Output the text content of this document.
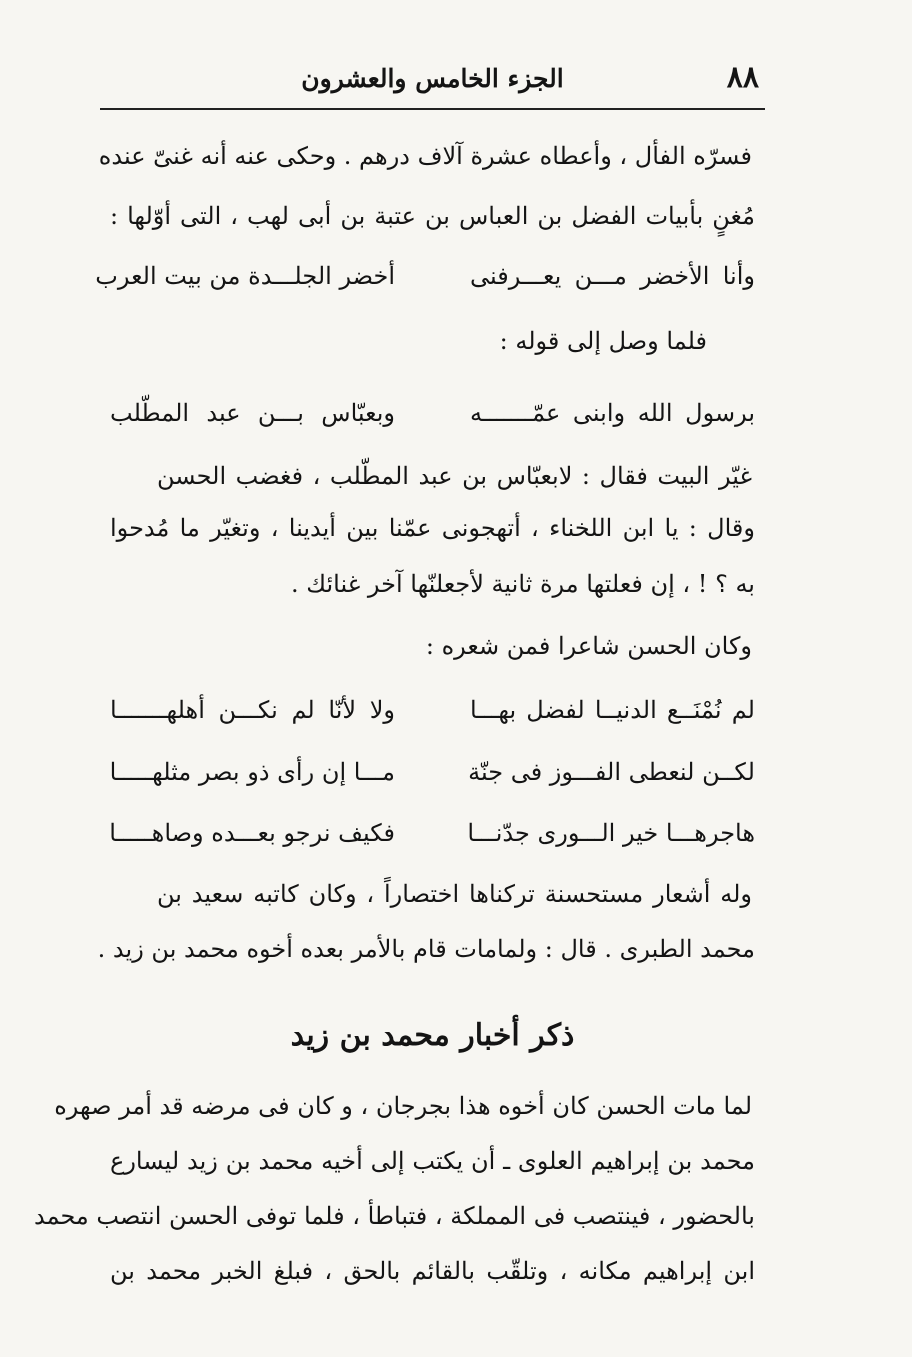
٨٨
الجزء الخامس والعشرون
فسرّه الفأل ، وأعطاه عشرة آلاف درهم . وحكى عنه أنه غنىّ عنده
مُغنٍ بأبيات الفضل بن العباس بن عتبة بن أبى لهب ، التى أوّلها :
وأنا الأخضر مـــن يعـــرفنى
أخضر الجلـــدة من بيت العرب
فلما وصل إلى قوله :
برسول الله وابنى عمّـــــــه
وبعبّاس بـــن عبد المطّلب
غيّر البيت فقال : لابعبّاس بن عبد المطّلب ، فغضب الحسن
وقال : يا ابن اللخناء ، أتهجونى عمّنا بين أيدينا ، وتغيّر ما مُدحوا
به ؟ ! ، إن فعلتها مرة ثانية لأجعلنّها آخر غنائك .
وكان الحسن شاعرا فمن شعره :
لم نُمْنَــع الدنيــا لفضل بهـــا
ولا لأنّا لم نكـــن أهلهـــــــا
لكــن لنعطى الفـــوز فى جنّة
مـــا إن رأى ذو بصر مثلهـــــا
هاجرهـــا خير الـــورى جدّنـــا
فكيف نرجو بعـــده وصاهـــــا
وله أشعار مستحسنة تركناها اختصاراً ، وكان كاتبه سعيد بن
محمد الطبرى . قال : ولمامات قام بالأمر بعده أخوه محمد بن زيد .
ذكر أخبار محمد بن زيد
لما مات الحسن كان أخوه هذا بجرجان ، و كان فى مرضه قد أمر صهره
محمد بن إبراهيم العلوى ـ أن يكتب إلى أخيه محمد بن زيد ليسارع
بالحضور ، فينتصب فى المملكة ، فتباطأ ، فلما توفى الحسن انتصب محمد
ابن إبراهيم مكانه ، وتلقّب بالقائم بالحق ، فبلغ الخبر محمد بن
